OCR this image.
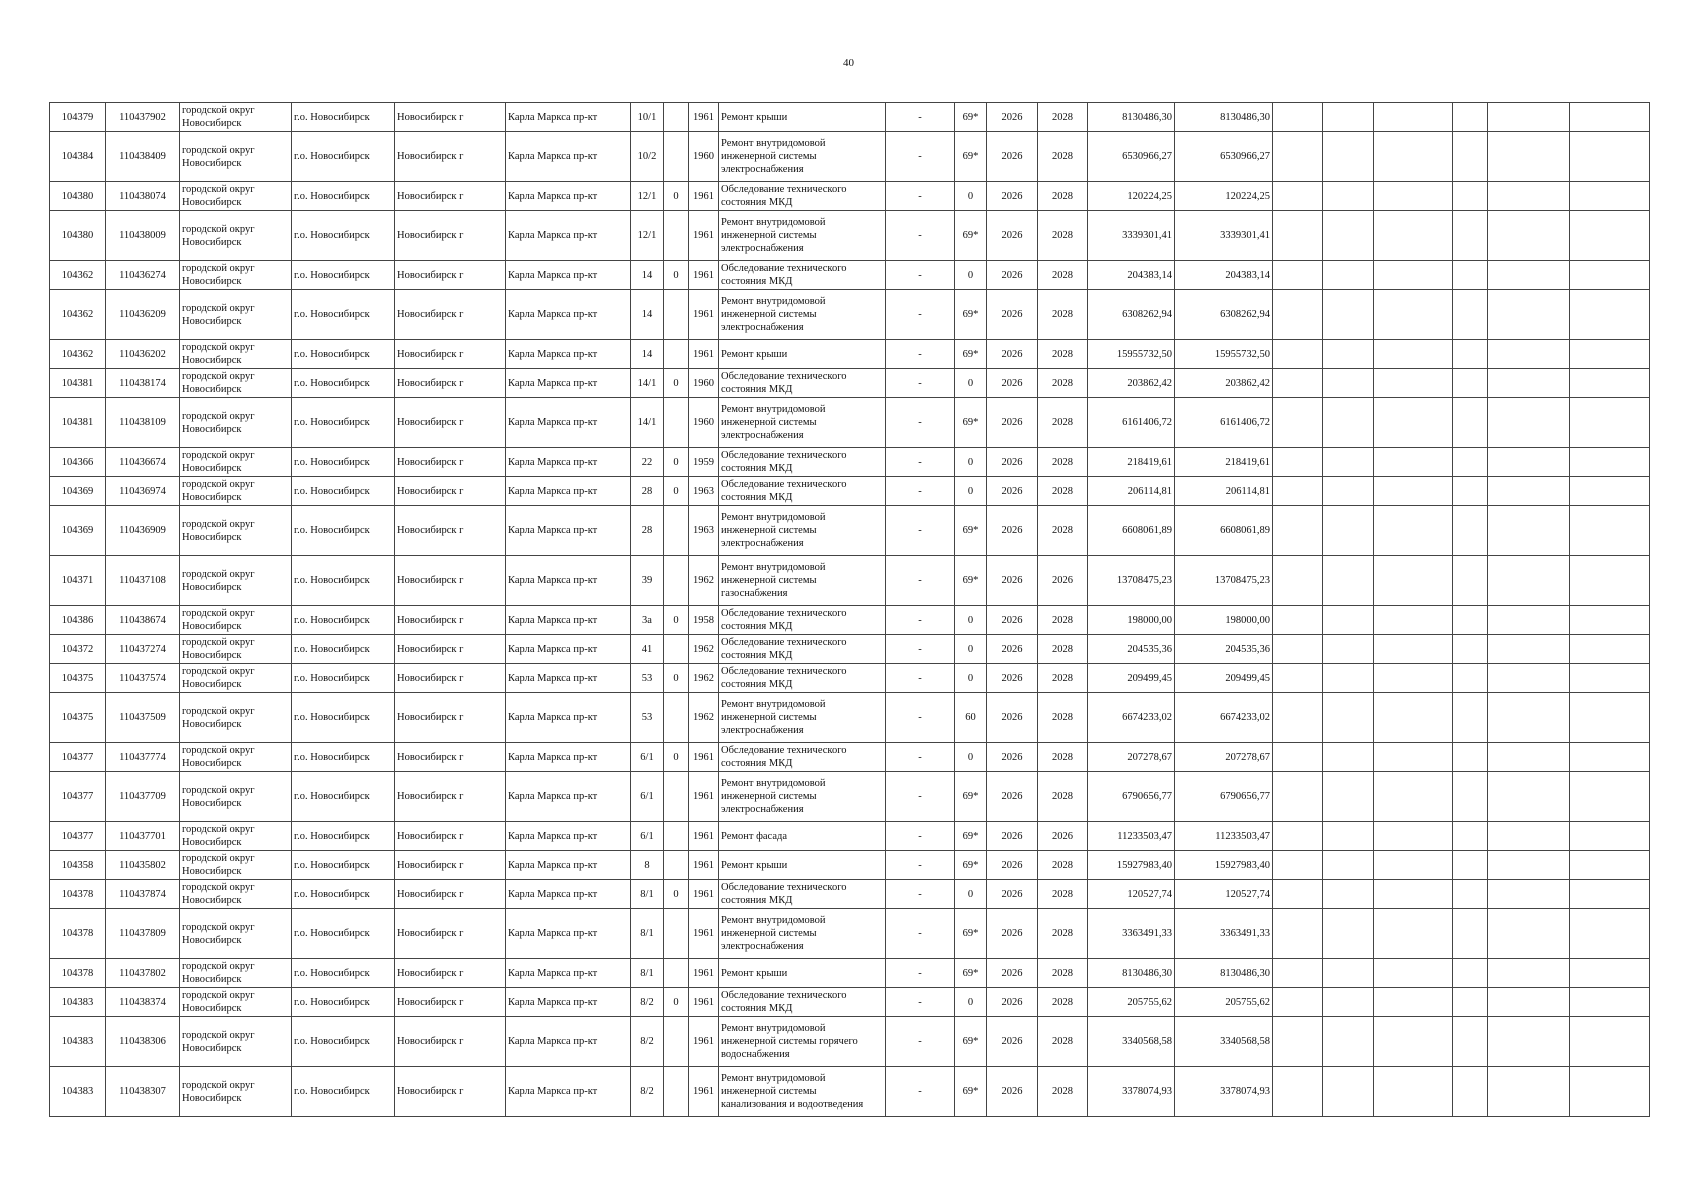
40
104379	110437902	городской округ Новосибирск	г.о. Новосибирск	Новосибирск г	Карла Маркса пр-кт	10/1		1961	Ремонт крыши	-	69*	2026	2028	8130486,30	8130486,30						
104384	110438409	городской округ Новосибирск	г.о. Новосибирск	Новосибирск г	Карла Маркса пр-кт	10/2		1960	Ремонт внутридомовой инженерной системы электроснабжения	-	69*	2026	2028	6530966,27	6530966,27						
104380	110438074	городской округ Новосибирск	г.о. Новосибирск	Новосибирск г	Карла Маркса пр-кт	12/1	0	1961	Обследование технического состояния МКД	-	0	2026	2028	120224,25	120224,25						
104380	110438009	городской округ Новосибирск	г.о. Новосибирск	Новосибирск г	Карла Маркса пр-кт	12/1		1961	Ремонт внутридомовой инженерной системы электроснабжения	-	69*	2026	2028	3339301,41	3339301,41						
104362	110436274	городской округ Новосибирск	г.о. Новосибирск	Новосибирск г	Карла Маркса пр-кт	14	0	1961	Обследование технического состояния МКД	-	0	2026	2028	204383,14	204383,14						
104362	110436209	городской округ Новосибирск	г.о. Новосибирск	Новосибирск г	Карла Маркса пр-кт	14		1961	Ремонт внутридомовой инженерной системы электроснабжения	-	69*	2026	2028	6308262,94	6308262,94						
104362	110436202	городской округ Новосибирск	г.о. Новосибирск	Новосибирск г	Карла Маркса пр-кт	14		1961	Ремонт крыши	-	69*	2026	2028	15955732,50	15955732,50						
104381	110438174	городской округ Новосибирск	г.о. Новосибирск	Новосибирск г	Карла Маркса пр-кт	14/1	0	1960	Обследование технического состояния МКД	-	0	2026	2028	203862,42	203862,42						
104381	110438109	городской округ Новосибирск	г.о. Новосибирск	Новосибирск г	Карла Маркса пр-кт	14/1		1960	Ремонт внутридомовой инженерной системы электроснабжения	-	69*	2026	2028	6161406,72	6161406,72						
104366	110436674	городской округ Новосибирск	г.о. Новосибирск	Новосибирск г	Карла Маркса пр-кт	22	0	1959	Обследование технического состояния МКД	-	0	2026	2028	218419,61	218419,61						
104369	110436974	городской округ Новосибирск	г.о. Новосибирск	Новосибирск г	Карла Маркса пр-кт	28	0	1963	Обследование технического состояния МКД	-	0	2026	2028	206114,81	206114,81						
104369	110436909	городской округ Новосибирск	г.о. Новосибирск	Новосибирск г	Карла Маркса пр-кт	28		1963	Ремонт внутридомовой инженерной системы электроснабжения	-	69*	2026	2028	6608061,89	6608061,89						
104371	110437108	городской округ Новосибирск	г.о. Новосибирск	Новосибирск г	Карла Маркса пр-кт	39		1962	Ремонт внутридомовой инженерной системы газоснабжения	-	69*	2026	2026	13708475,23	13708475,23						
104386	110438674	городской округ Новосибирск	г.о. Новосибирск	Новосибирск г	Карла Маркса пр-кт	3а	0	1958	Обследование технического состояния МКД	-	0	2026	2028	198000,00	198000,00						
104372	110437274	городской округ Новосибирск	г.о. Новосибирск	Новосибирск г	Карла Маркса пр-кт	41		1962	Обследование технического состояния МКД	-	0	2026	2028	204535,36	204535,36						
104375	110437574	городской округ Новосибирск	г.о. Новосибирск	Новосибирск г	Карла Маркса пр-кт	53	0	1962	Обследование технического состояния МКД	-	0	2026	2028	209499,45	209499,45						
104375	110437509	городской округ Новосибирск	г.о. Новосибирск	Новосибирск г	Карла Маркса пр-кт	53		1962	Ремонт внутридомовой инженерной системы электроснабжения	-	60	2026	2028	6674233,02	6674233,02						
104377	110437774	городской округ Новосибирск	г.о. Новосибирск	Новосибирск г	Карла Маркса пр-кт	6/1	0	1961	Обследование технического состояния МКД	-	0	2026	2028	207278,67	207278,67						
104377	110437709	городской округ Новосибирск	г.о. Новосибирск	Новосибирск г	Карла Маркса пр-кт	6/1		1961	Ремонт внутридомовой инженерной системы электроснабжения	-	69*	2026	2028	6790656,77	6790656,77						
104377	110437701	городской округ Новосибирск	г.о. Новосибирск	Новосибирск г	Карла Маркса пр-кт	6/1		1961	Ремонт фасада	-	69*	2026	2026	11233503,47	11233503,47						
104358	110435802	городской округ Новосибирск	г.о. Новосибирск	Новосибирск г	Карла Маркса пр-кт	8		1961	Ремонт крыши	-	69*	2026	2028	15927983,40	15927983,40						
104378	110437874	городской округ Новосибирск	г.о. Новосибирск	Новосибирск г	Карла Маркса пр-кт	8/1	0	1961	Обследование технического состояния МКД	-	0	2026	2028	120527,74	120527,74						
104378	110437809	городской округ Новосибирск	г.о. Новосибирск	Новосибирск г	Карла Маркса пр-кт	8/1		1961	Ремонт внутридомовой инженерной системы электроснабжения	-	69*	2026	2028	3363491,33	3363491,33						
104378	110437802	городской округ Новосибирск	г.о. Новосибирск	Новосибирск г	Карла Маркса пр-кт	8/1		1961	Ремонт крыши	-	69*	2026	2028	8130486,30	8130486,30						
104383	110438374	городской округ Новосибирск	г.о. Новосибирск	Новосибирск г	Карла Маркса пр-кт	8/2	0	1961	Обследование технического состояния МКД	-	0	2026	2028	205755,62	205755,62						
104383	110438306	городской округ Новосибирск	г.о. Новосибирск	Новосибирск г	Карла Маркса пр-кт	8/2		1961	Ремонт внутридомовой инженерной системы горячего водоснабжения	-	69*	2026	2028	3340568,58	3340568,58						
104383	110438307	городской округ Новосибирск	г.о. Новосибирск	Новосибирск г	Карла Маркса пр-кт	8/2		1961	Ремонт внутридомовой инженерной системы канализования и водоотведения	-	69*	2026	2028	3378074,93	3378074,93						
